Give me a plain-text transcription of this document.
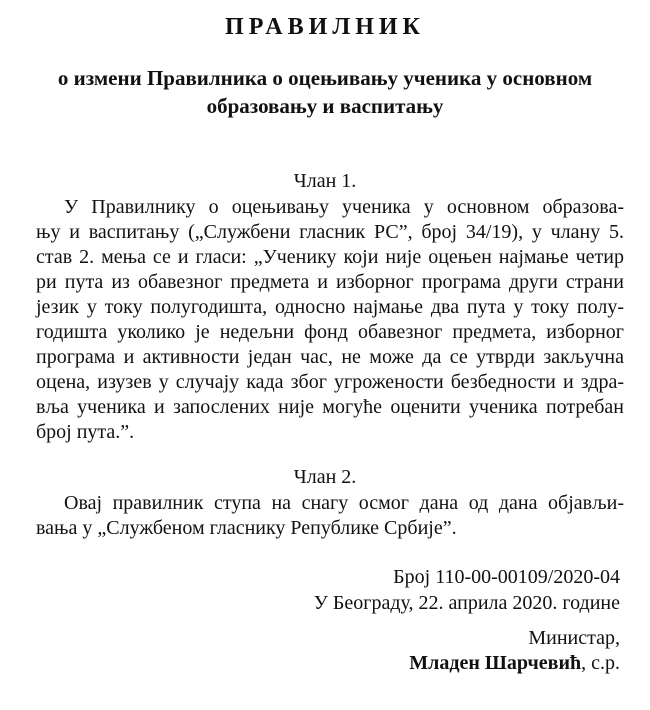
ПРАВИЛНИК
о измени Правилника о оцењивању ученика у основном
образовању и васпитању
Члан 1.
У Правилнику о оцењивању ученика у основном образова-
њу и васпитању („Службени гласник РС”, број 34/19), у члану 5.
став 2. мења се и гласи: „Ученику који није оцењен најмање четир
ри пута из обавезног предмета и изборног програма други страни
језик у току полугодишта, односно најмање два пута у току полу-
годишта уколико је недељни фонд обавезног предмета, изборног
програма и активности један час, не може да се утврди закључна
оцена, изузев у случају када због угрожености безбедности и здра-
вља ученика и запослених није могуће оценити ученика потребан
број пута.”.
Члан 2.
Овај правилник ступа на снагу осмог дана од дана објављи-
вања у „Службеном гласнику Републике Србије”.
Број 110-00-00109/2020-04
У Београду, 22. априла 2020. године
Министар,
Младен Шарчевић, с.р.
